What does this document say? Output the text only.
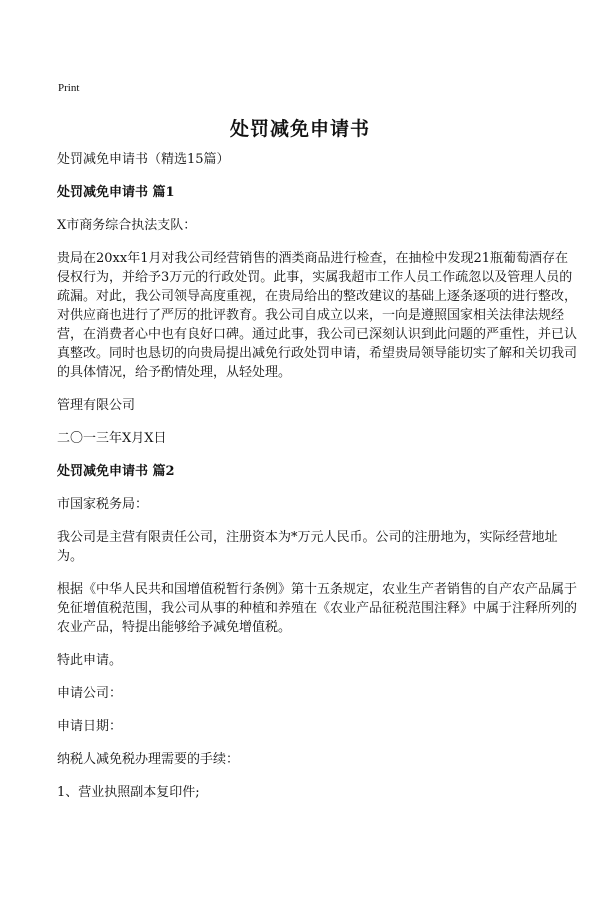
Print
处罚减免申请书

处罚减免申请书（精选15篇）

处罚减免申请书 篇1

X市商务综合执法支队：

贵局在20xx年1月对我公司经营销售的酒类商品进行检查，在抽检中发现21瓶葡萄酒存在侵权行为，并给予3万元的行政处罚。此事，实属我超市工作人员工作疏忽以及管理人员的疏漏。对此，我公司领导高度重视，在贵局给出的整改建议的基础上逐条逐项的进行整改，对供应商也进行了严厉的批评教育。我公司自成立以来，一向是遵照国家相关法律法规经营，在消费者心中也有良好口碑。通过此事，我公司已深刻认识到此问题的严重性，并已认真整改。同时也恳切的向贵局提出减免行政处罚申请，希望贵局领导能切实了解和关切我司的具体情况，给予酌情处理，从轻处理。

管理有限公司

二〇一三年X月X日

处罚减免申请书 篇2

市国家税务局：

我公司是主营有限责任公司，注册资本为*万元人民币。公司的注册地为，实际经营地址为。

根据《中华人民共和国增值税暂行条例》第十五条规定，农业生产者销售的自产农产品属于免征增值税范围，我公司从事的种植和养殖在《农业产品征税范围注释》中属于注释所列的农业产品，特提出能够给予减免增值税。

特此申请。

申请公司：

申请日期：

纳税人减免税办理需要的手续：

1、营业执照副本复印件;
